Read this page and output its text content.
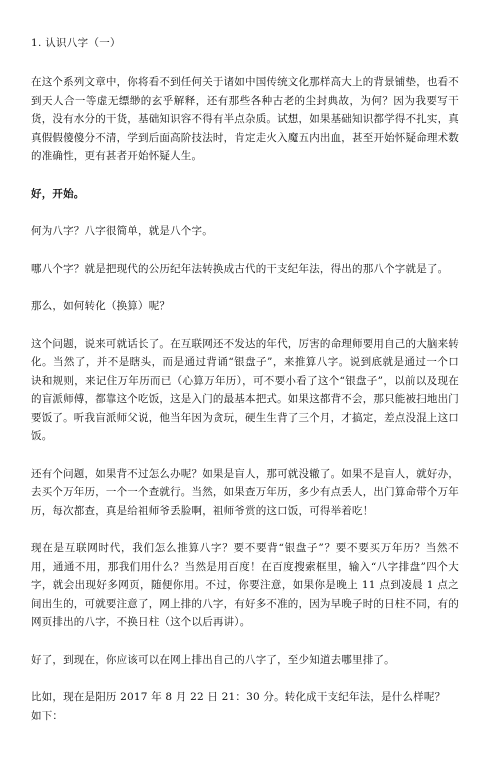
1. 认识八字（一）

在这个系列文章中，你将看不到任何关于诸如中国传统文化那样高大上的背景铺垫，也看不到天人合一等虚无缥缈的玄乎解释，还有那些各种古老的尘封典故，为何？因为我要写干货，没有水分的干货，基础知识容不得有半点杂质。试想，如果基础知识都学得不扎实，真真假假傻傻分不清，学到后面高阶技法时，肯定走火入魔五内出血，甚至开始怀疑命理术数的准确性，更有甚者开始怀疑人生。

好，开始。

何为八字？八字很简单，就是八个字。

哪八个字？就是把现代的公历纪年法转换成古代的干支纪年法，得出的那八个字就是了。

那么，如何转化（换算）呢？

这个问题，说来可就话长了。在互联网还不发达的年代，厉害的命理师要用自己的大脑来转化。当然了，并不是瞎头，而是通过背诵“银盘子”，来推算八字。说到底就是通过一个口诀和规则，来记住万年历而已（心算万年历），可不要小看了这个“银盘子”，以前以及现在的盲派师傅，都靠这个吃饭，这是入门的最基本把式。如果这都背不会，那只能被扫地出门要饭了。听我盲派师父说，他当年因为贪玩，硬生生背了三个月，才搞定，差点没混上这口饭。

还有个问题，如果背不过怎么办呢？如果是盲人，那可就没辙了。如果不是盲人，就好办，去买个万年历，一个一个查就行。当然，如果查万年历，多少有点丢人，出门算命带个万年历，每次都查，真是给祖师爷丢脸啊，祖师爷赏的这口饭，可得举着吃！

现在是互联网时代，我们怎么推算八字？要不要背“银盘子”？要不要买万年历？当然不用，通通不用，那我们用什么？当然是用百度！在百度搜索框里，输入“八字排盘”四个大字，就会出现好多网页，随便你用。不过，你要注意，如果你是晚上 11 点到凌晨 1 点之间出生的，可就要注意了，网上排的八字，有好多不准的，因为早晚子时的日柱不同，有的网页排出的八字，不换日柱（这个以后再讲）。

好了，到现在，你应该可以在网上排出自己的八字了，至少知道去哪里排了。

比如，现在是阳历 2017 年 8 月 22 日 21：30 分。转化成干支纪年法，是什么样呢？

如下：
